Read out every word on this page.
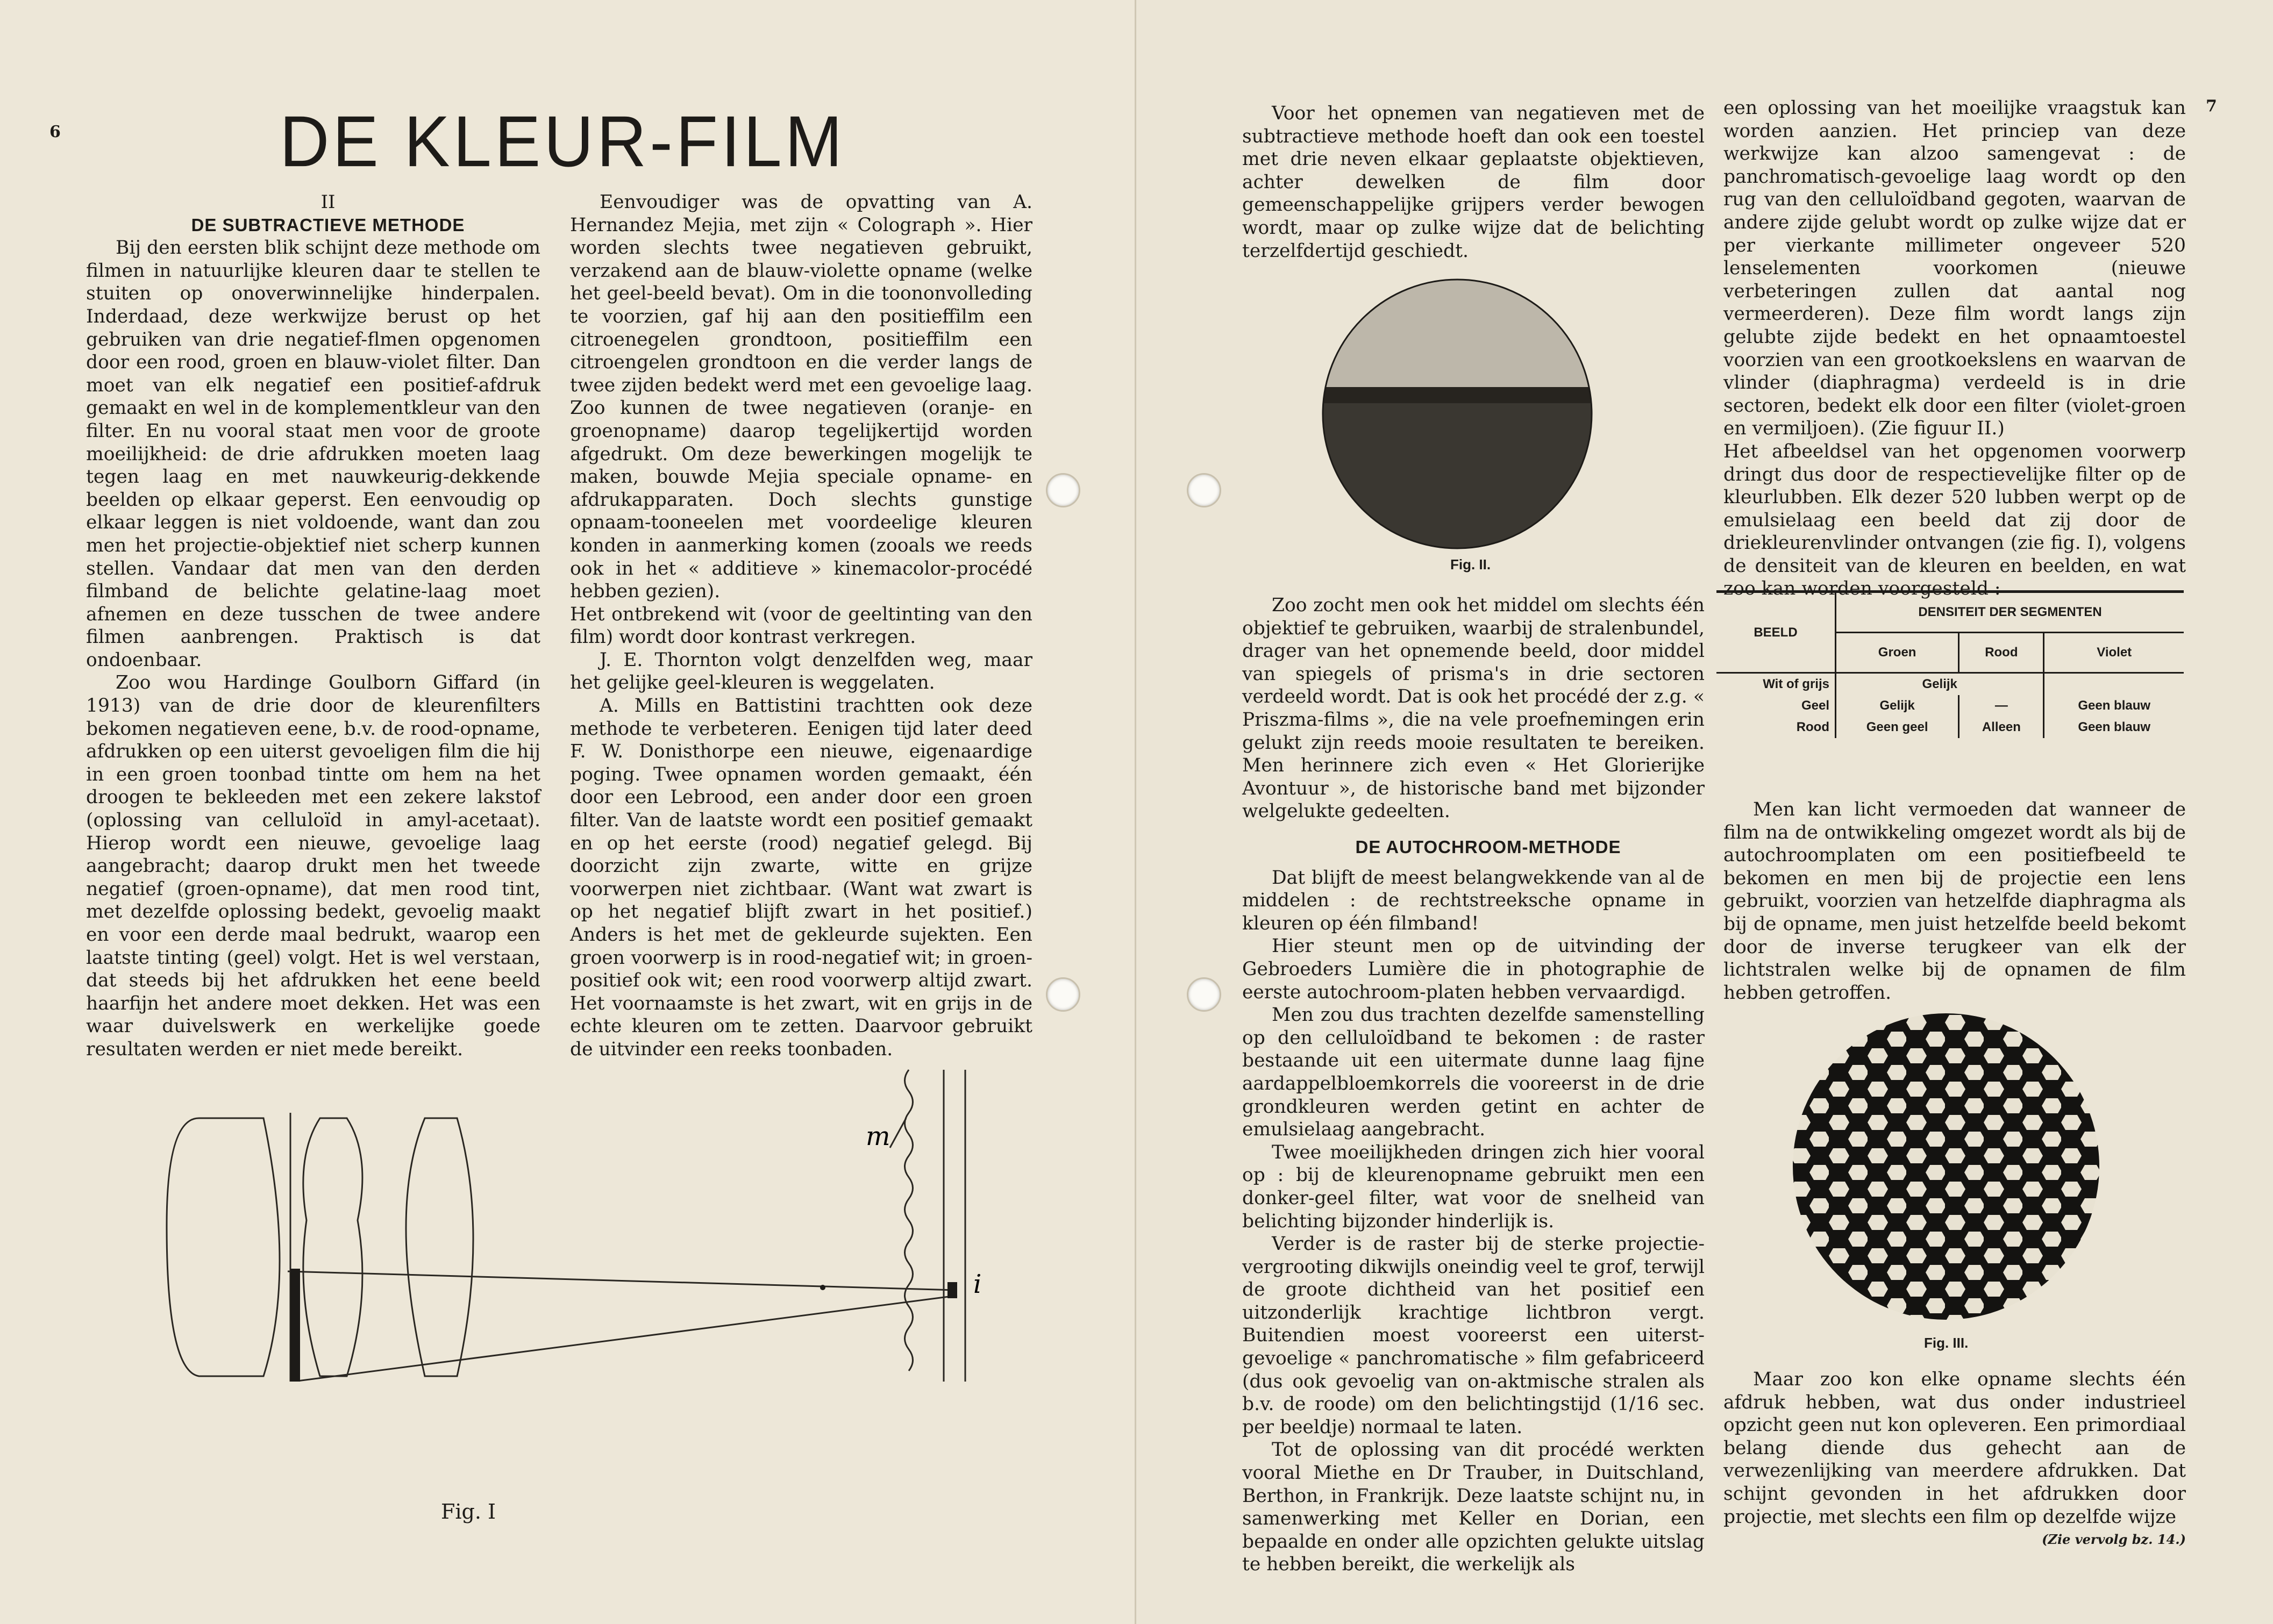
6	DE KLEUR-FILM

II

DE SUBTRACTIEVE METHODE

Bij den eersten blik schijnt deze methode om filmen in natuurlijke kleuren daar te stellen te stuiten op onoverwinnelijke hinderpalen. Inderdaad, deze werkwijze berust op het gebruiken van drie negatief-flmen opgenomen door een rood, groen en blauw-violet filter. Dan moet van elk negatief een positief-afdruk gemaakt en wel in de komplementkleur van den filter. En nu vooral staat men voor de groote moeilijkheid: de drie afdrukken moeten laag tegen laag en met nauwkeurig-dekkende beelden op elkaar geperst. Een eenvoudig op elkaar leggen is niet voldoende, want dan zou men het projectie-objektief niet scherp kunnen stellen. Vandaar dat men van den derden filmband de belichte gelatine-laag moet afnemen en deze tusschen de twee andere filmen aanbrengen. Praktisch is dat ondoenbaar.

Zoo wou Hardinge Goulborn Giffard (in 1913) van de drie door de kleurenfilters bekomen negatieven eene, b.v. de rood-opname, afdrukken op een uiterst gevoeligen film die hij in een groen toonbad tintte om hem na het droogen te bekleeden met een zekere lakstof (oplossing van celluloïd in amyl-acetaat). Hierop wordt een nieuwe, gevoelige laag aangebracht; daarop drukt men het tweede negatief (groen-opname), dat men rood tint, met dezelfde oplossing bedekt, gevoelig maakt en voor een derde maal bedrukt, waarop een laatste tinting (geel) volgt. Het is wel verstaan, dat steeds bij het afdrukken het eene beeld haarfijn het andere moet dekken. Het was een waar duivelswerk en werkelijke goede resultaten werden er niet mede bereikt.

Eenvoudiger was de opvatting van A. Hernandez Mejia, met zijn « Colograph ». Hier worden slechts twee negatieven gebruikt, verzakend aan de blauw-violette opname (welke het geel-beeld bevat). Om in die toononvolleding te voorzien, gaf hij aan den positieffilm een citroenegelen grondtoon, positieffilm een citroengelen grondtoon en die verder langs de twee zijden bedekt werd met een gevoelige laag. Zoo kunnen de twee negatieven (oranje- en groenopname) daarop tegelijkertijd worden afgedrukt. Om deze bewerkingen mogelijk te maken, bouwde Mejia speciale opname- en afdrukapparaten. Doch slechts gunstige opnaam-tooneelen met voordeelige kleuren konden in aanmerking komen (zooals we reeds ook in het « additieve » kinemacolor-procédé hebben gezien).

Het ontbrekend wit (voor de geeltinting van den film) wordt door kontrast verkregen.

J. E. Thornton volgt denzelfden weg, maar het gelijke geel-kleuren is weggelaten.

A. Mills en Battistini trachtten ook deze methode te verbeteren. Eenigen tijd later deed F. W. Donisthorpe een nieuwe, eigenaardige poging. Twee opnamen worden gemaakt, één door een Lebrood, een ander door een groen filter. Van de laatste wordt een positief gemaakt en op het eerste (rood) negatief gelegd. Bij doorzicht zijn zwarte, witte en grijze voorwerpen niet zichtbaar. (Want wat zwart is op het negatief blijft zwart in het positief.) Anders is het met de gekleurde sujekten. Een groen voorwerp is in rood-negatief wit; in groen-positief ook wit; een rood voorwerp altijd zwart. Het voornaamste is het zwart, wit en grijs in de echte kleuren om te zetten. Daarvoor gebruikt de uitvinder een reeks toonbaden.

m
i
Fig. I
7

Voor het opnemen van negatieven met de subtractieve methode hoeft dan ook een toestel met drie neven elkaar geplaatste objektieven, achter dewelken de film door gemeenschappelijke grijpers verder bewogen wordt, maar op zulke wijze dat de belichting terzelfdertijd geschiedt.

Fig. II.

Zoo zocht men ook het middel om slechts één objektief te gebruiken, waarbij de stralenbundel, drager van het opnemende beeld, door middel van spiegels of prisma's in drie sectoren verdeeld wordt. Dat is ook het procédé der z.g. « Priszma-films », die na vele proefnemingen erin gelukt zijn reeds mooie resultaten te bereiken. Men herinnere zich even « Het Glorierijke Avontuur », de historische band met bijzonder welgelukte gedeelten.

DE AUTOCHROOM-METHODE

Dat blijft de meest belangwekkende van al de middelen : de rechtstreeksche opname in kleuren op één filmband!

Hier steunt men op de uitvinding der Gebroeders Lumière die in photographie de eerste autochroom-platen hebben vervaardigd.

Men zou dus trachten dezelfde samenstelling op den celluloïdband te bekomen : de raster bestaande uit een uitermate dunne laag fijne aardappelbloemkorrels die vooreerst in de drie grondkleuren werden getint en achter de emulsielaag aangebracht.

Twee moeilijkheden dringen zich hier vooral op : bij de kleurenopname gebruikt men een donker-geel filter, wat voor de snelheid van belichting bijzonder hinderlijk is.

Verder is de raster bij de sterke projectie-vergrooting dikwijls oneindig veel te grof, terwijl de groote dichtheid van het positief een uitzonderlijk krachtige lichtbron vergt. Buitendien moest vooreerst een uiterst-gevoelige « panchromatische » film gefabriceerd (dus ook gevoelig van on-aktmische stralen als b.v. de roode) om den belichtingstijd (1/16 sec. per beeldje) normaal te laten.

Tot de oplossing van dit procédé werkten vooral Miethe en Dr Trauber, in Duitschland, Berthon, in Frankrijk. Deze laatste schijnt nu, in samenwerking met Keller en Dorian, een bepaalde en onder alle opzichten gelukte uitslag te hebben bereikt, die werkelijk als

een oplossing van het moeilijke vraagstuk kan worden aanzien. Het princiep van deze werkwijze kan alzoo samengevat : de panchromatisch-gevoelige laag wordt op den rug van den celluloïdband gegoten, waarvan de andere zijde gelubt wordt op zulke wijze dat er per vierkante millimeter ongeveer 520 lenselementen voorkomen (nieuwe verbeteringen zullen dat aantal nog vermeerderen). Deze film wordt langs zijn gelubte zijde bedekt en het opnaamtoestel voorzien van een grootkoekslens en waarvan de vlinder (diaphragma) verdeeld is in drie sectoren, bedekt elk door een filter (violet-groen en vermiljoen). (Zie figuur II.)

Het afbeeldsel van het opgenomen voorwerp dringt dus door de respectievelijke filter op de kleurlubben. Elk dezer 520 lubben werpt op de emulsielaag een beeld dat zij door de driekleurenvlinder ontvangen (zie fig. I), volgens de densiteit van de kleuren en beelden, en wat zoo kan worden voorgesteld :

BEELD	DENSITEIT DER SEGMENTEN		
	Groen	Rood	Violet
Wit of grijs	Gelijk		
Geel	Gelijk	—	Geen blauw
Rood	Geen geel	Alleen	Geen blauw

Men kan licht vermoeden dat wanneer de film na de ontwikkeling omgezet wordt als bij de autochroomplaten om een positiefbeeld te bekomen en men bij de projectie een lens gebruikt, voorzien van hetzelfde diaphragma als bij de opname, men juist hetzelfde beeld bekomt door de inverse terugkeer van elk der lichtstralen welke bij de opnamen de film hebben getroffen.

Fig. III.

Maar zoo kon elke opname slechts één afdruk hebben, wat dus onder industrieel opzicht geen nut kon opleveren. Een primordiaal belang diende dus gehecht aan de verwezenlijking van meerdere afdrukken. Dat schijnt gevonden in het afdrukken door projectie, met slechts een film op dezelfde wijze

(Zie vervolg bz. 14.)
